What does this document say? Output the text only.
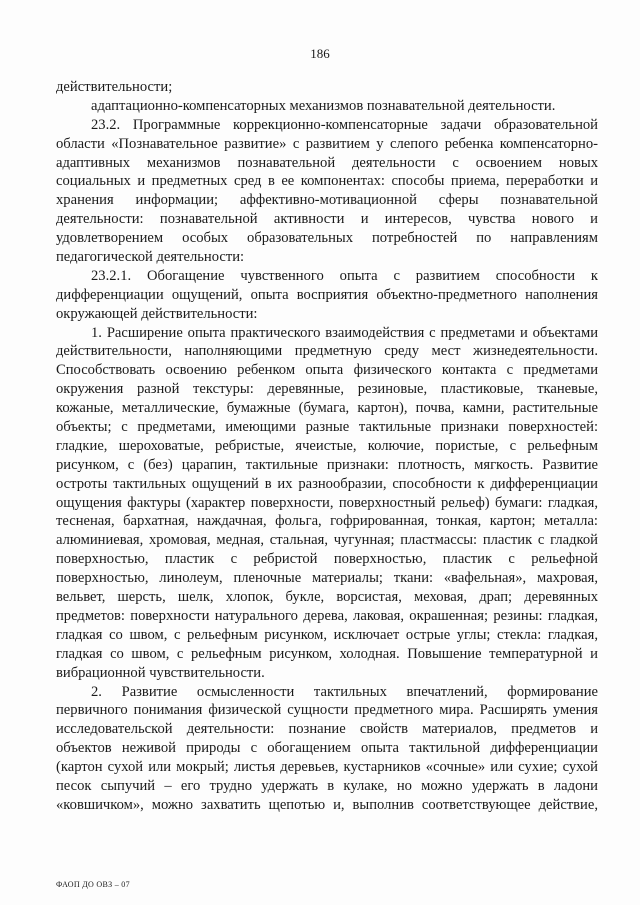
186
действительности;
адаптационно-компенсаторных механизмов познавательной деятельности.
23.2. Программные коррекционно-компенсаторные задачи образовательной
области «Познавательное развитие» с развитием у слепого ребенка компенсаторно-
адаптивных механизмов познавательной деятельности с освоением новых
социальных и предметных сред в ее компонентах: способы приема, переработки и
хранения информации; аффективно-мотивационной сферы познавательной
деятельности: познавательной активности и интересов, чувства нового и
удовлетворением особых образовательных потребностей по направлениям
педагогической деятельности:
23.2.1. Обогащение чувственного опыта с развитием способности к
дифференциации ощущений, опыта восприятия объектно-предметного наполнения
окружающей действительности:
1. Расширение опыта практического взаимодействия с предметами и объектами
действительности, наполняющими предметную среду мест жизнедеятельности.
Способствовать освоению ребенком опыта физического контакта с предметами
окружения разной текстуры: деревянные, резиновые, пластиковые, тканевые,
кожаные, металлические, бумажные (бумага, картон), почва, камни, растительные
объекты; с предметами, имеющими разные тактильные признаки поверхностей:
гладкие, шероховатые, ребристые, ячеистые, колючие, пористые, с рельефным
рисунком, с (без) царапин, тактильные признаки: плотность, мягкость. Развитие
остроты тактильных ощущений в их разнообразии, способности к дифференциации
ощущения фактуры (характер поверхности, поверхностный рельеф) бумаги: гладкая,
тесненая, бархатная, наждачная, фольга, гофрированная, тонкая, картон; металла:
алюминиевая, хромовая, медная, стальная, чугунная; пластмассы: пластик с гладкой
поверхностью, пластик с ребристой поверхностью, пластик с рельефной
поверхностью, линолеум, пленочные материалы; ткани: «вафельная», махровая,
вельвет, шерсть, шелк, хлопок, букле, ворсистая, меховая, драп; деревянных
предметов: поверхности натурального дерева, лаковая, окрашенная; резины: гладкая,
гладкая со швом, с рельефным рисунком, исключает острые углы; стекла: гладкая,
гладкая со швом, с рельефным рисунком, холодная. Повышение температурной и
вибрационной чувствительности.
2. Развитие осмысленности тактильных впечатлений, формирование
первичного понимания физической сущности предметного мира. Расширять умения
исследовательской деятельности: познание свойств материалов, предметов и
объектов неживой природы с обогащением опыта тактильной дифференциации
(картон сухой или мокрый; листья деревьев, кустарников «сочные» или сухие; сухой
песок сыпучий – его трудно удержать в кулаке, но можно удержать в ладони
«ковшичком», можно захватить щепотью и, выполнив соответствующее действие,
ФАОП ДО ОВЗ – 07
